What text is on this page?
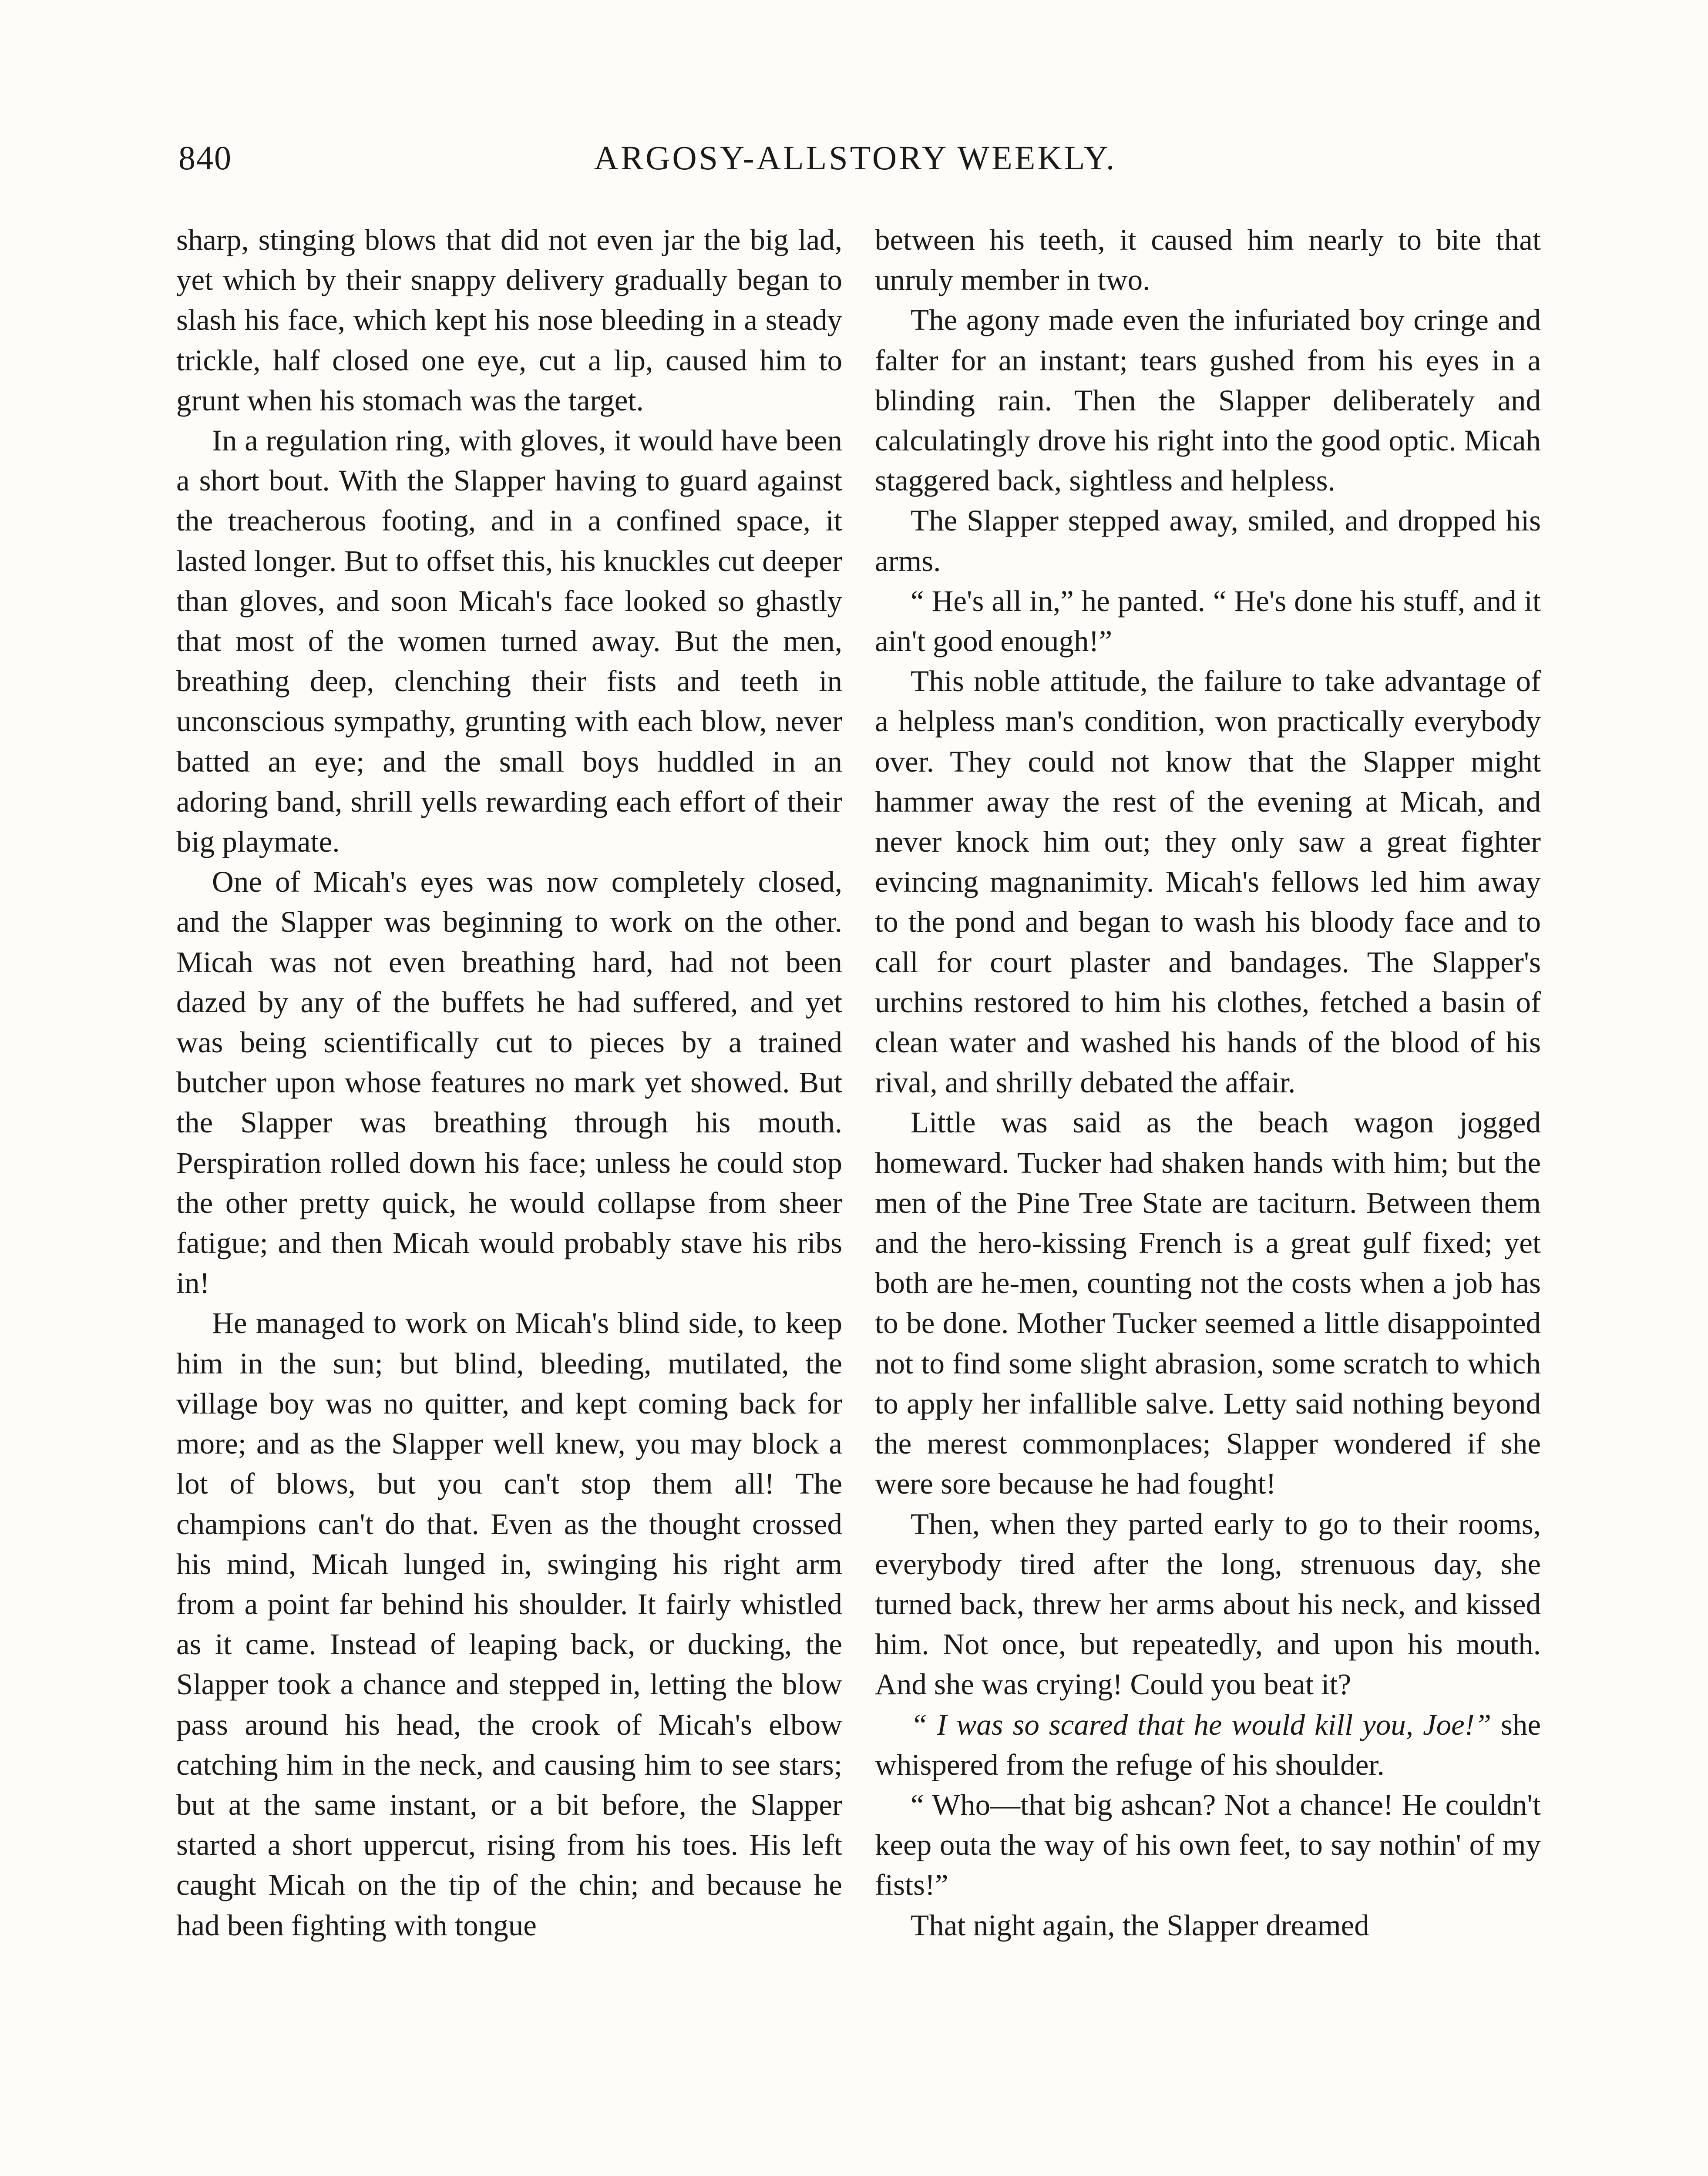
840	ARGOSY-ALLSTORY WEEKLY.

sharp, stinging blows that did not even jar the big lad, yet which by their snappy delivery gradually began to slash his face, which kept his nose bleeding in a steady trickle, half closed one eye, cut a lip, caused him to grunt when his stomach was the target.

In a regulation ring, with gloves, it would have been a short bout. With the Slapper having to guard against the treacherous footing, and in a confined space, it lasted longer. But to offset this, his knuckles cut deeper than gloves, and soon Micah's face looked so ghastly that most of the women turned away. But the men, breathing deep, clenching their fists and teeth in unconscious sympathy, grunting with each blow, never batted an eye; and the small boys huddled in an adoring band, shrill yells rewarding each effort of their big playmate.

One of Micah's eyes was now completely closed, and the Slapper was beginning to work on the other. Micah was not even breathing hard, had not been dazed by any of the buffets he had suffered, and yet was being scientifically cut to pieces by a trained butcher upon whose features no mark yet showed. But the Slapper was breathing through his mouth. Perspiration rolled down his face; unless he could stop the other pretty quick, he would collapse from sheer fatigue; and then Micah would probably stave his ribs in!

He managed to work on Micah's blind side, to keep him in the sun; but blind, bleeding, mutilated, the village boy was no quitter, and kept coming back for more; and as the Slapper well knew, you may block a lot of blows, but you can't stop them all! The champions can't do that. Even as the thought crossed his mind, Micah lunged in, swinging his right arm from a point far behind his shoulder. It fairly whistled as it came. Instead of leaping back, or ducking, the Slapper took a chance and stepped in, letting the blow pass around his head, the crook of Micah's elbow catching him in the neck, and causing him to see stars; but at the same instant, or a bit before, the Slapper started a short uppercut, rising from his toes. His left caught Micah on the tip of the chin; and because he had been fighting with tongue

between his teeth, it caused him nearly to bite that unruly member in two.

The agony made even the infuriated boy cringe and falter for an instant; tears gushed from his eyes in a blinding rain. Then the Slapper deliberately and calculatingly drove his right into the good optic. Micah staggered back, sightless and helpless.

The Slapper stepped away, smiled, and dropped his arms.

“ He's all in,” he panted. “ He's done his stuff, and it ain't good enough!”

This noble attitude, the failure to take advantage of a helpless man's condition, won practically everybody over. They could not know that the Slapper might hammer away the rest of the evening at Micah, and never knock him out; they only saw a great fighter evincing magnanimity. Micah's fellows led him away to the pond and began to wash his bloody face and to call for court plaster and bandages. The Slapper's urchins restored to him his clothes, fetched a basin of clean water and washed his hands of the blood of his rival, and shrilly debated the affair.

Little was said as the beach wagon jogged homeward. Tucker had shaken hands with him; but the men of the Pine Tree State are taciturn. Between them and the hero-kissing French is a great gulf fixed; yet both are he-men, counting not the costs when a job has to be done. Mother Tucker seemed a little disappointed not to find some slight abrasion, some scratch to which to apply her infallible salve. Letty said nothing beyond the merest commonplaces; Slapper wondered if she were sore because he had fought!

Then, when they parted early to go to their rooms, everybody tired after the long, strenuous day, she turned back, threw her arms about his neck, and kissed him. Not once, but repeatedly, and upon his mouth. And she was crying! Could you beat it?

“ I was so scared that he would kill you, Joe!” she whispered from the refuge of his shoulder.

“ Who—that big ashcan? Not a chance! He couldn't keep outa the way of his own feet, to say nothin' of my fists!”

That night again, the Slapper dreamed
